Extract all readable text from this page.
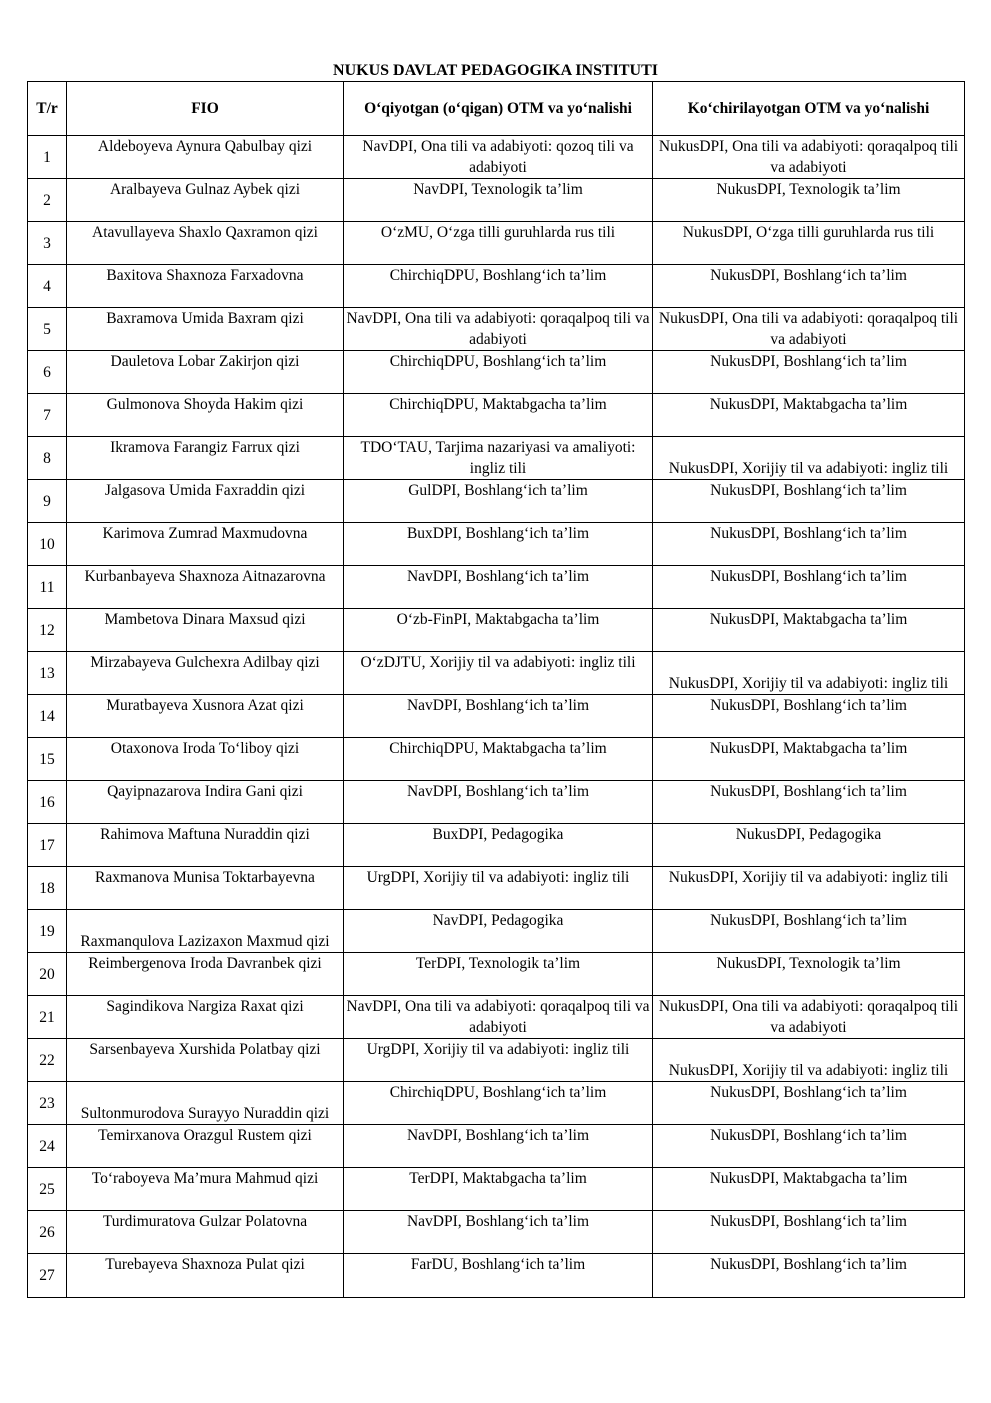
NUKUS DAVLAT PEDAGOGIKA INSTITUTI
T/r	FIO	O‘qiyotgan (o‘qigan) OTM va yo‘nalishi	Ko‘chirilayotgan OTM va yo‘nalishi
1	Aldeboyeva Aynura Qabulbay qizi	NavDPI, Ona tili va adabiyoti: qozoq tili va adabiyoti	NukusDPI, Ona tili va adabiyoti: qoraqalpoq tili va adabiyoti
2	Aralbayeva Gulnaz Aybek qizi	NavDPI, Texnologik ta’lim	NukusDPI, Texnologik ta’lim
3	Atavullayeva Shaxlo Qaxramon qizi	O‘zMU, O‘zga tilli guruhlarda rus tili	NukusDPI, O‘zga tilli guruhlarda rus tili
4	Baxitova Shaxnoza Farxadovna	ChirchiqDPU, Boshlang‘ich ta’lim	NukusDPI, Boshlang‘ich ta’lim
5	Baxramova Umida Baxram qizi	NavDPI, Ona tili va adabiyoti: qoraqalpoq tili va adabiyoti	NukusDPI, Ona tili va adabiyoti: qoraqalpoq tili va adabiyoti
6	Dauletova Lobar Zakirjon qizi	ChirchiqDPU, Boshlang‘ich ta’lim	NukusDPI, Boshlang‘ich ta’lim
7	Gulmonova Shoyda Hakim qizi	ChirchiqDPU, Maktabgacha ta’lim	NukusDPI, Maktabgacha ta’lim
8	Ikramova Farangiz Farrux qizi	TDO‘TAU, Tarjima nazariyasi va amaliyoti: ingliz tili	NukusDPI, Xorijiy til va adabiyoti: ingliz tili
9	Jalgasova Umida Faxraddin qizi	GulDPI, Boshlang‘ich ta’lim	NukusDPI, Boshlang‘ich ta’lim
10	Karimova Zumrad Maxmudovna	BuxDPI, Boshlang‘ich ta’lim	NukusDPI, Boshlang‘ich ta’lim
11	Kurbanbayeva Shaxnoza Aitnazarovna	NavDPI, Boshlang‘ich ta’lim	NukusDPI, Boshlang‘ich ta’lim
12	Mambetova Dinara Maxsud qizi	O‘zb-FinPI, Maktabgacha ta’lim	NukusDPI, Maktabgacha ta’lim
13	Mirzabayeva Gulchexra Adilbay qizi	O‘zDJTU, Xorijiy til va adabiyoti: ingliz tili	NukusDPI, Xorijiy til va adabiyoti: ingliz tili
14	Muratbayeva Xusnora Azat qizi	NavDPI, Boshlang‘ich ta’lim	NukusDPI, Boshlang‘ich ta’lim
15	Otaxonova Iroda To‘liboy qizi	ChirchiqDPU, Maktabgacha ta’lim	NukusDPI, Maktabgacha ta’lim
16	Qayipnazarova Indira Gani qizi	NavDPI, Boshlang‘ich ta’lim	NukusDPI, Boshlang‘ich ta’lim
17	Rahimova Maftuna Nuraddin qizi	BuxDPI, Pedagogika	NukusDPI, Pedagogika
18	Raxmanova Munisa Toktarbayevna	UrgDPI, Xorijiy til va adabiyoti: ingliz tili	NukusDPI, Xorijiy til va adabiyoti: ingliz tili
19	Raxmanqulova Lazizaxon Maxmud qizi	NavDPI, Pedagogika	NukusDPI, Boshlang‘ich ta’lim
20	Reimbergenova Iroda Davranbek qizi	TerDPI, Texnologik ta’lim	NukusDPI, Texnologik ta’lim
21	Sagindikova Nargiza Raxat qizi	NavDPI, Ona tili va adabiyoti: qoraqalpoq tili va adabiyoti	NukusDPI, Ona tili va adabiyoti: qoraqalpoq tili va adabiyoti
22	Sarsenbayeva Xurshida Polatbay qizi	UrgDPI, Xorijiy til va adabiyoti: ingliz tili	NukusDPI, Xorijiy til va adabiyoti: ingliz tili
23	Sultonmurodova Surayyo Nuraddin qizi	ChirchiqDPU, Boshlang‘ich ta’lim	NukusDPI, Boshlang‘ich ta’lim
24	Temirxanova Orazgul Rustem qizi	NavDPI, Boshlang‘ich ta’lim	NukusDPI, Boshlang‘ich ta’lim
25	To‘raboyeva Ma’mura Mahmud qizi	TerDPI, Maktabgacha ta’lim	NukusDPI, Maktabgacha ta’lim
26	Turdimuratova Gulzar Polatovna	NavDPI, Boshlang‘ich ta’lim	NukusDPI, Boshlang‘ich ta’lim
27	Turebayeva Shaxnoza Pulat qizi	FarDU, Boshlang‘ich ta’lim	NukusDPI, Boshlang‘ich ta’lim
